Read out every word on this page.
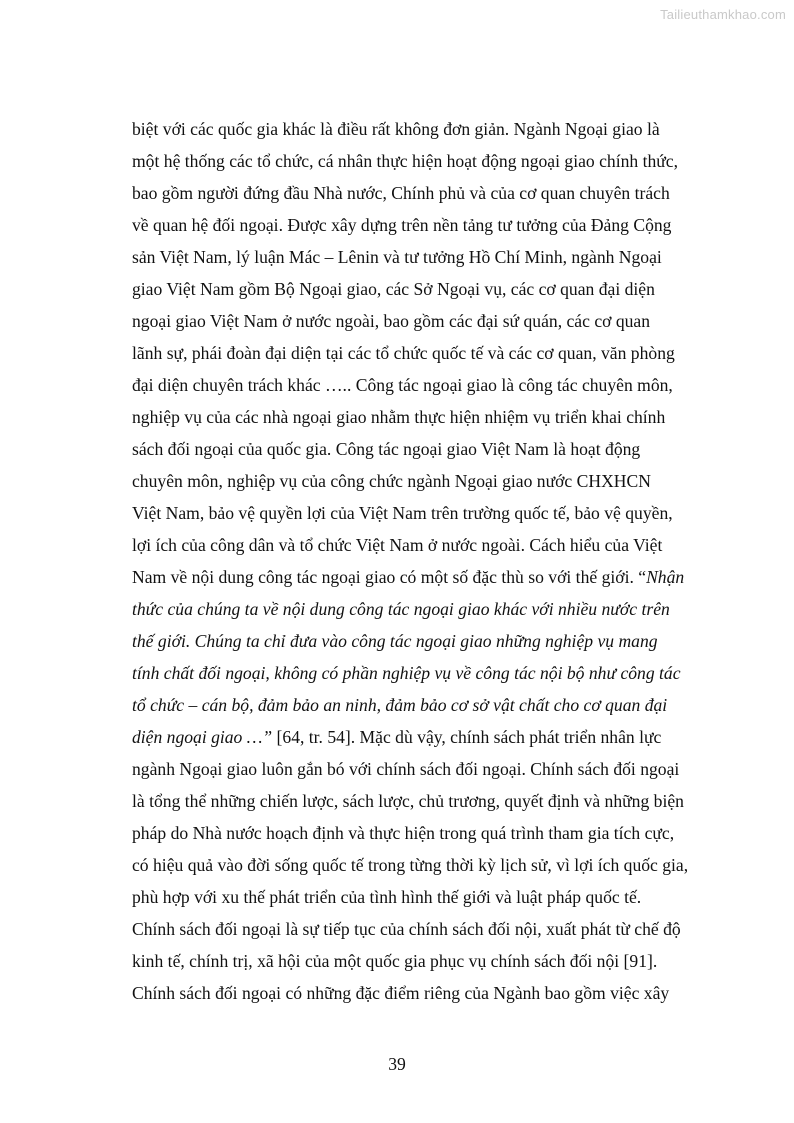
Tailieuthamkhao.com
biệt với các quốc gia khác là điều rất không đơn giản. Ngành Ngoại giao là
một hệ thống các tổ chức, cá nhân thực hiện hoạt động ngoại giao chính thức,
bao gồm người đứng đầu Nhà nước, Chính phủ và của cơ quan chuyên trách
về quan hệ đối ngoại. Được xây dựng trên nền tảng tư tưởng của Đảng Cộng
sản Việt Nam, lý luận Mác – Lênin và tư tưởng Hồ Chí Minh, ngành Ngoại
giao Việt Nam gồm Bộ Ngoại giao, các Sở Ngoại vụ, các cơ quan đại diện
ngoại giao Việt Nam ở nước ngoài, bao gồm các đại sứ quán, các cơ quan
lãnh sự, phái đoàn đại diện tại các tổ chức quốc tế và các cơ quan, văn phòng
đại diện chuyên trách khác ….. Công tác ngoại giao là công tác chuyên môn,
nghiệp vụ của các nhà ngoại giao nhằm thực hiện nhiệm vụ triển khai chính
sách đối ngoại của quốc gia. Công tác ngoại giao Việt Nam là hoạt động
chuyên môn, nghiệp vụ của công chức ngành Ngoại giao nước CHXHCN
Việt Nam, bảo vệ quyền lợi của Việt Nam trên trường quốc tế, bảo vệ quyền,
lợi ích của công dân và tổ chức Việt Nam ở nước ngoài. Cách hiểu của Việt
Nam về nội dung công tác ngoại giao có một số đặc thù so với thế giới. “Nhận
thức của chúng ta về nội dung công tác ngoại giao khác với nhiều nước trên
thế giới. Chúng ta chỉ đưa vào công tác ngoại giao những nghiệp vụ mang
tính chất đối ngoại, không có phần nghiệp vụ về công tác nội bộ như công tác
tổ chức – cán bộ, đảm bảo an ninh, đảm bảo cơ sở vật chất cho cơ quan đại
diện ngoại giao …” [64, tr. 54]. Mặc dù vậy, chính sách phát triển nhân lực
ngành Ngoại giao luôn gắn bó với chính sách đối ngoại. Chính sách đối ngoại
là tổng thể những chiến lược, sách lược, chủ trương, quyết định và những biện
pháp do Nhà nước hoạch định và thực hiện trong quá trình tham gia tích cực,
có hiệu quả vào đời sống quốc tế trong từng thời kỳ lịch sử, vì lợi ích quốc gia,
phù hợp với xu thế phát triển của tình hình thế giới và luật pháp quốc tế.
Chính sách đối ngoại là sự tiếp tục của chính sách đối nội, xuất phát từ chế độ
kinh tế, chính trị, xã hội của một quốc gia phục vụ chính sách đối nội [91].
Chính sách đối ngoại có những đặc điểm riêng của Ngành bao gồm việc xây
39
